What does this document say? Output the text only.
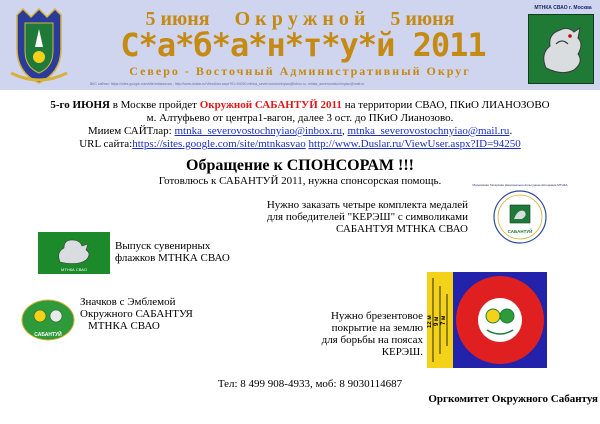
5 июня     О к р у ж н о й     5 июня
С*а*б*а*н*т*у*й 2011
Северо - Восточный Административный Округ
ВКС сайтах: https://sites.google.com/site/mtnkasvao , http://www.duslar.ru/ViewUser.aspx?ID=94250 mtnka_severovostochnyiao@inbox.ru, mtnka_severovostochnyiao@mail.ru
МТНКА СВАО г. Москва
5-го ИЮНЯ в Москве пройдет Окружной САБАНТУЙ 2011 на территории СВАО, ПКиО ЛИАНОЗОВО
м. Алтуфьево от центра1-вагон, далее 3 ост. до ПКиО Лианозово.
Миием САЙТлар: mtnka_severovostochnyiao@inbox.ru, mtnka_severovostochnyiao@mail.ru.
URL сайта:https://sites.google.com/site/mtnkasvao http://www.Duslar.ru/ViewUser.aspx?ID=94250
Обращение к СПОНСОРАМ !!!
Готовлюсь к САБАНТУЙ 2011, нужна спонсорская помощь.	Московская Татарская Национально-Культурная Автономия МТНКА
САБАНТУЙ
Нужно заказать четыре комплекта медалей
для победителей "КЕРЭШ" с символиками
САБАНТУЯ МТНКА СВАО
МТНКА СВАО
Выпуск сувенирных
флажков МТНКА СВАО
САБАНТУЙ
Значков с Эмблемой
Окружного САБАНТУЯ
МТНКА СВАО	12 м 9 м 7 м
Нужно брезентовое
покрытие на землю
для борьбы на поясах
КЕРЭШ.
Тел: 8 499 908-4933, моб: 8 9030114687
Оргкомитет Окружного Сабантуя
